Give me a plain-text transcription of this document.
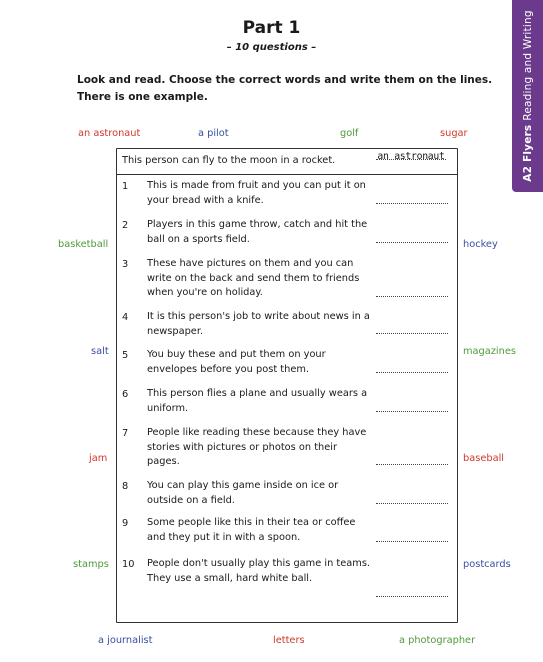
A2 FlyersReading and Writing
Part 1
– 10 questions –
Look and read. Choose the correct words and write them on the lines. There is one example.
an astronaut	a pilot	golf	sugar
basketball
salt
jam
stamps
hockey
magazines
baseball
postcards
a journalist	letters	a photographer
This person can fly to the moon in a rocket.	an astronaut
1 This is made from fruit and you can put it on your bread with a knife.
2 Players in this game throw, catch and hit the ball on a sports field.
3 These have pictures on them and you can write on the back and send them to friends when you're on holiday.
4 It is this person's job to write about news in a newspaper.
5 You buy these and put them on your envelopes before you post them.
6 This person flies a plane and usually wears a uniform.
7 People like reading these because they have stories with pictures or photos on their pages.
8 You can play this game inside on ice or outside on a field.
9 Some people like this in their tea or coffee and they put it in with a spoon.
10 People don't usually play this game in teams. They use a small, hard white ball.
